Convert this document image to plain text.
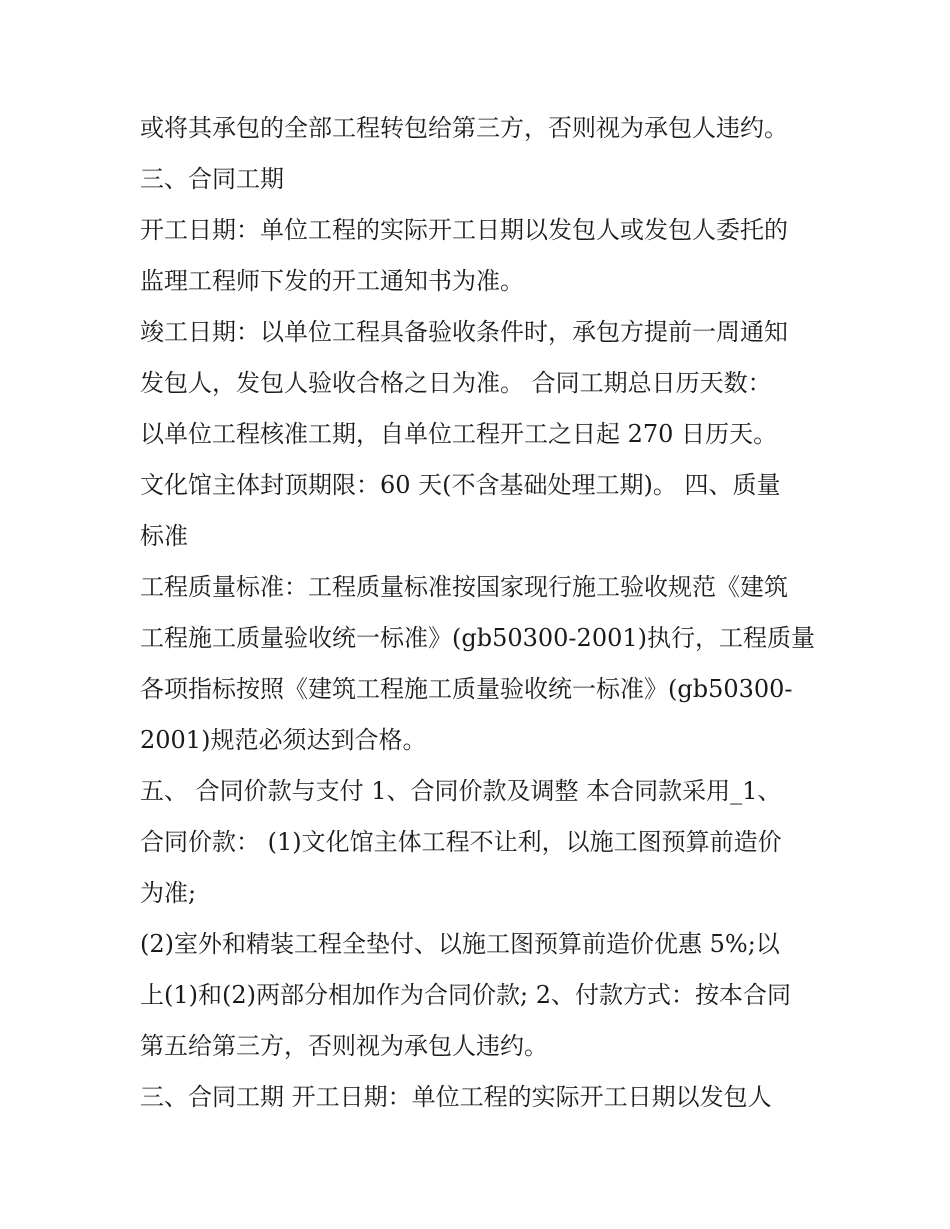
或将其承包的全部工程转包给第三方，否则视为承包人违约。

三、合同工期

开工日期：单位工程的实际开工日期以发包人或发包人委托的

监理工程师下发的开工通知书为准。

竣工日期：以单位工程具备验收条件时，承包方提前一周通知

发包人，发包人验收合格之日为准。 合同工期总日历天数：

以单位工程核准工期，自单位工程开工之日起 270 日历天。

文化馆主体封顶期限：60 天(不含基础处理工期)。 四、质量

标准

工程质量标准：工程质量标准按国家现行施工验收规范《建筑

工程施工质量验收统一标准》(gb50300-2001)执行，工程质量

各项指标按照《建筑工程施工质量验收统一标准》(gb50300-

2001)规范必须达到合格。

五、 合同价款与支付 1、合同价款及调整 本合同款采用_1、

合同价款： (1)文化馆主体工程不让利，以施工图预算前造价

为准;

(2)室外和精装工程全垫付、以施工图预算前造价优惠 5%;以

上(1)和(2)两部分相加作为合同价款; 2、付款方式：按本合同

第五给第三方，否则视为承包人违约。

三、合同工期 开工日期：单位工程的实际开工日期以发包人
